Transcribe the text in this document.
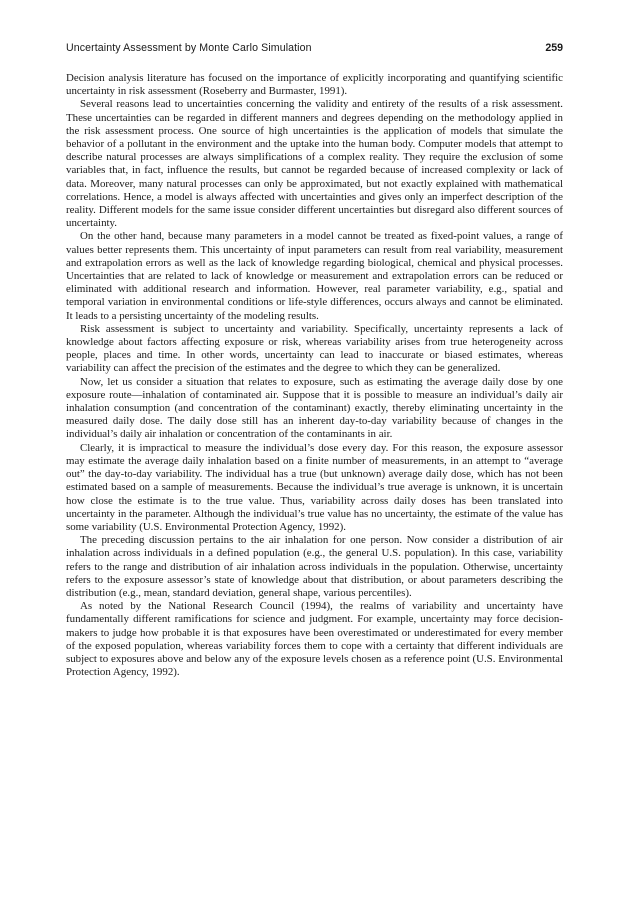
Uncertainty Assessment by Monte Carlo Simulation	259

Decision analysis literature has focused on the importance of explicitly incorporating and quantifying scientific uncertainty in risk assessment (Roseberry and Burmaster, 1991).

Several reasons lead to uncertainties concerning the validity and entirety of the results of a risk assessment. These uncertainties can be regarded in different manners and degrees depending on the methodology applied in the risk assessment process. One source of high uncertainties is the application of models that simulate the behavior of a pollutant in the environment and the uptake into the human body. Computer models that attempt to describe natural processes are always simplifications of a complex reality. They require the exclusion of some variables that, in fact, influence the results, but cannot be regarded because of increased complexity or lack of data. Moreover, many natural processes can only be approximated, but not exactly explained with mathematical correlations. Hence, a model is always affected with uncertainties and gives only an imperfect description of the reality. Different models for the same issue consider different uncertainties but disregard also different sources of uncertainty.

On the other hand, because many parameters in a model cannot be treated as fixed-point values, a range of values better represents them. This uncertainty of input parameters can result from real variability, measurement and extrapolation errors as well as the lack of knowledge regarding biological, chemical and physical processes. Uncertainties that are related to lack of knowledge or measurement and extrapolation errors can be reduced or eliminated with additional research and information. However, real parameter variability, e.g., spatial and temporal variation in environmental conditions or life-style differences, occurs always and cannot be eliminated. It leads to a persisting uncertainty of the modeling results.

Risk assessment is subject to uncertainty and variability. Specifically, uncertainty represents a lack of knowledge about factors affecting exposure or risk, whereas variability arises from true heterogeneity across people, places and time. In other words, uncertainty can lead to inaccurate or biased estimates, whereas variability can affect the precision of the estimates and the degree to which they can be generalized.

Now, let us consider a situation that relates to exposure, such as estimating the average daily dose by one exposure route—inhalation of contaminated air. Suppose that it is possible to measure an individual’s daily air inhalation consumption (and concentration of the contaminant) exactly, thereby eliminating uncertainty in the measured daily dose. The daily dose still has an inherent day-to-day variability because of changes in the individual’s daily air inhalation or concentration of the contaminants in air.

Clearly, it is impractical to measure the individual’s dose every day. For this reason, the exposure assessor may estimate the average daily inhalation based on a finite number of measurements, in an attempt to “average out” the day-to-day variability. The individual has a true (but unknown) average daily dose, which has not been estimated based on a sample of measurements. Because the individual’s true average is unknown, it is uncertain how close the estimate is to the true value. Thus, variability across daily doses has been translated into uncertainty in the parameter. Although the individual’s true value has no uncertainty, the estimate of the value has some variability (U.S. Environmental Protection Agency, 1992).

The preceding discussion pertains to the air inhalation for one person. Now consider a distribution of air inhalation across individuals in a defined population (e.g., the general U.S. population). In this case, variability refers to the range and distribution of air inhalation across individuals in the population. Otherwise, uncertainty refers to the exposure assessor’s state of knowledge about that distribution, or about parameters describing the distribution (e.g., mean, standard deviation, general shape, various percentiles).

As noted by the National Research Council (1994), the realms of variability and uncertainty have fundamentally different ramifications for science and judgment. For example, uncertainty may force decision-makers to judge how probable it is that exposures have been overestimated or underestimated for every member of the exposed population, whereas variability forces them to cope with a certainty that different individuals are subject to exposures above and below any of the exposure levels chosen as a reference point (U.S. Environmental Protection Agency, 1992).
